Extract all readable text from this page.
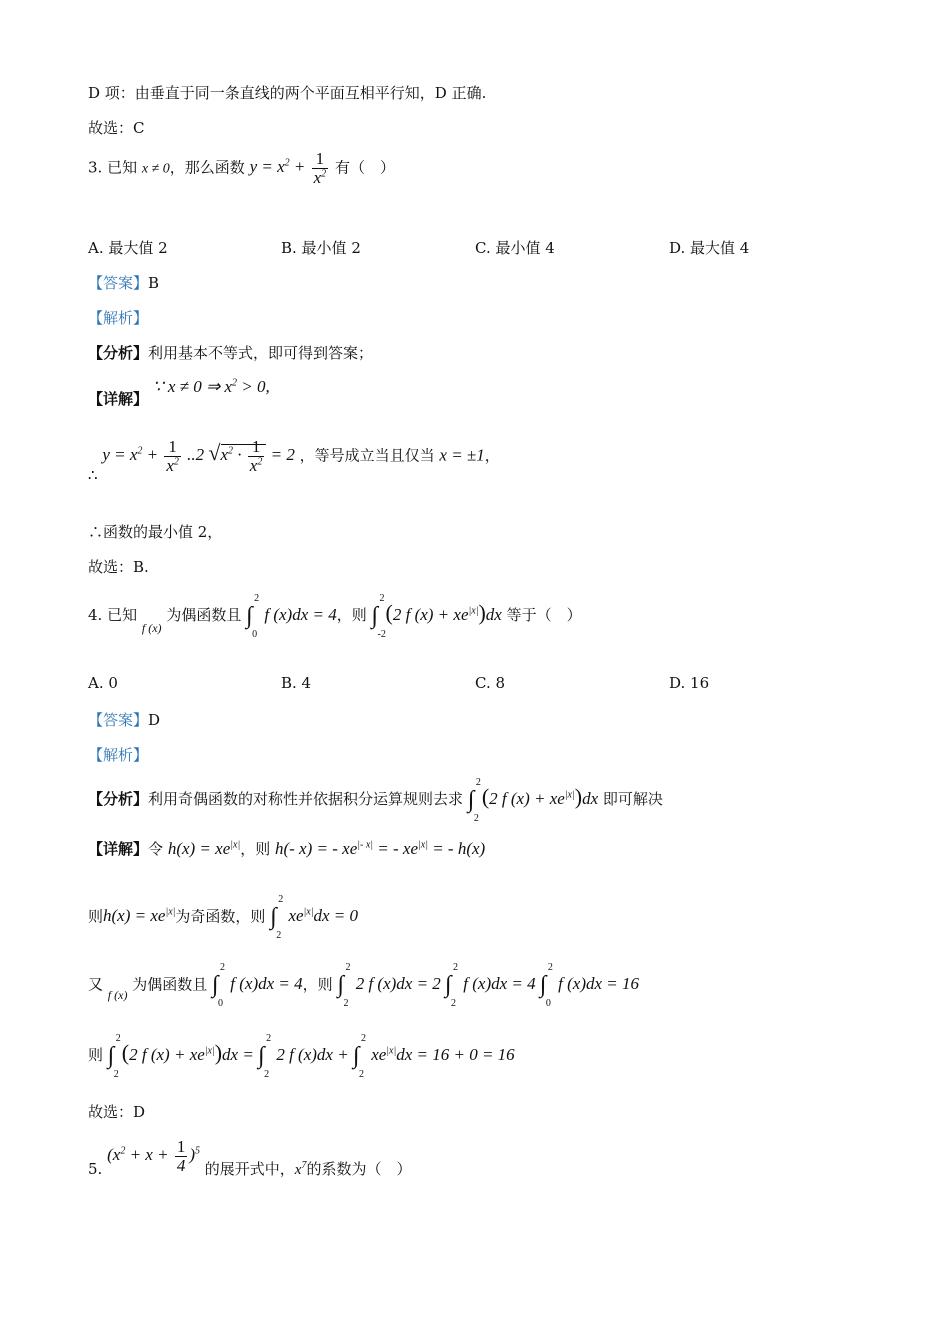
D 项：由垂直于同一条直线的两个平面互相平行知，D 正确.
故选：C
3. 已知 x ≠ 0，那么函数 $y = x^2 + \frac{1}{x^2}$ 有（　）
A. 最大值 2	B. 最小值 2	C. 最小值 4	D. 最大值 4
【答案】B
【解析】
【分析】利用基本不等式，即可得到答案；
【详解】 ∵ x ≠ 0 ⇒ $x^2 > 0$,
∴ $y = x^2 + \frac{1}{x^2} ..2$ $√x^2 \cdot \frac{1}{x^2} = 2$ ，等号成立当且仅当 x = ±1，
∴函数的最小值 2，
故选：B.
4. 已知 $_{f (x)}$ 为偶函数且 ∫
2
0
f (x)dx = 4，则 ∫
2
-2
(2 f $(x) + xe^{|x|})dx$ 等于（　）
A. 0	B. 4	C. 8	D. 16
【答案】D
【解析】
【分析】利用奇偶函数的对称性并依据积分运算规则去求 ∫
2
2
(2 f $(x) + xe^{|x|})dx$ 即可解决
【详解】令 $h(x) = xe^{|x|}$，则 h(- x) = - $xe^{|- x|}$ = - $xe^{|x|}$ = - h(x)
则$h(x) = xe^{|x|}$为奇函数，则 ∫
2
2
$xe^{|x|}dx = 0$
又 $_{f (x)}$ 为偶函数且 ∫
2
0
f (x)dx = 4，则 ∫
2
2
2 f (x)dx = 2 ∫
2
2
f (x)dx = 4 ∫
2
0
f (x)dx = 16
则 ∫
2
2
(2 f $(x) + xe^{|x|})dx$ = ∫
2
2
2 f (x)dx + ∫
2
2
$xe^{|x|}dx = 16 + 0 = 16$
故选：D
5. $(x^2 + x + \frac{1}{4} )^5$ 的展开式中，$x^7$的系数为（　）
